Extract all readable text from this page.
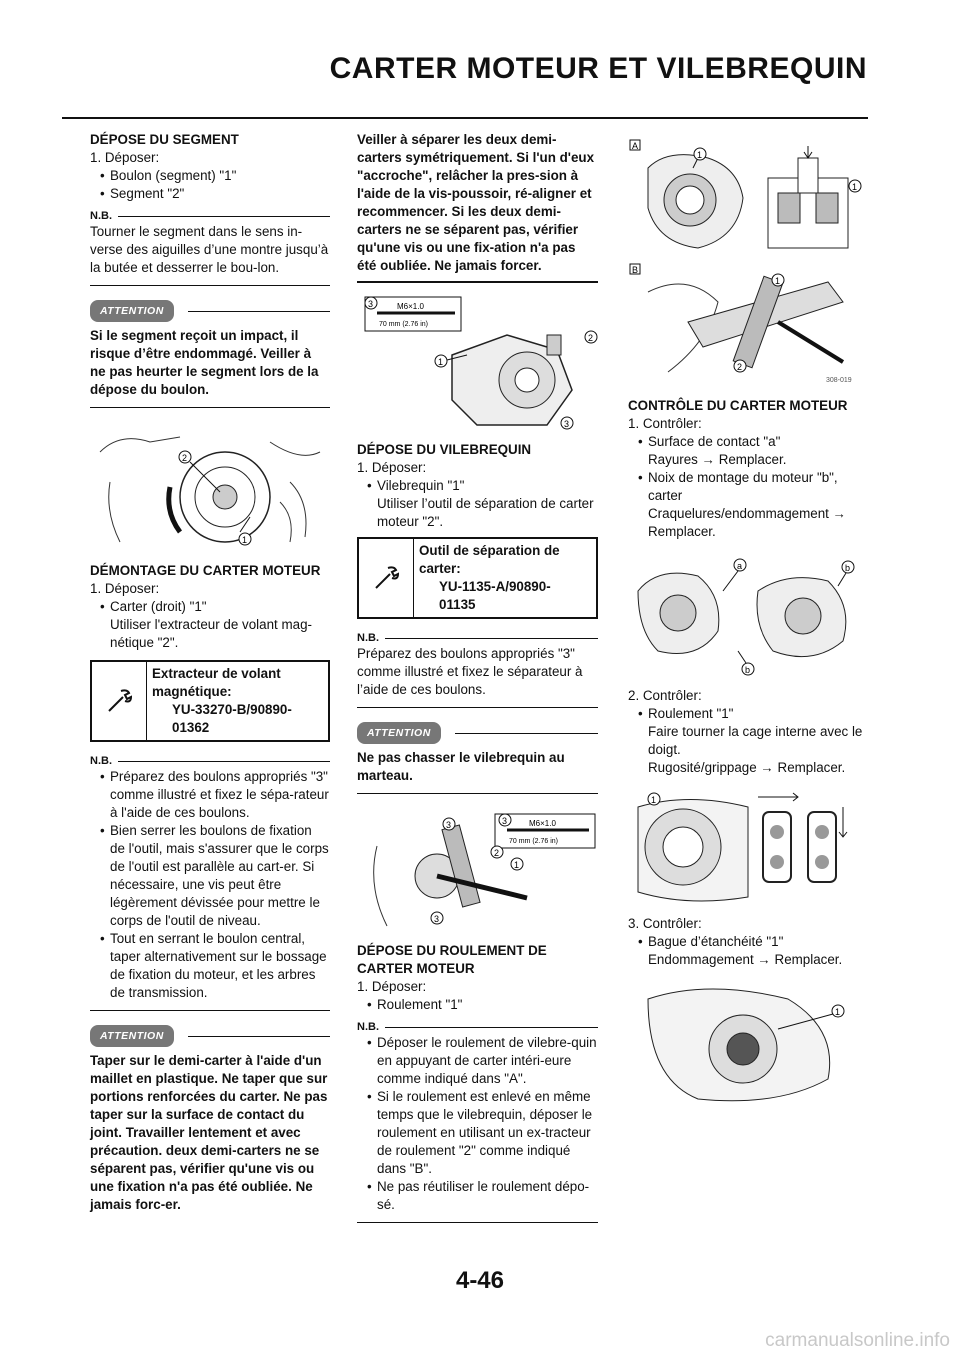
CARTER MOTEUR ET VILEBREQUIN
DÉPOSE DU SEGMENT

1. Déposer:

• Boulon (segment) "1"

• Segment "2"

N.B.

Tourner le segment dans le sens in-verse des aiguilles d’une montre jusqu’à la butée et desserrer le bou-lon.

ATTENTION

Si le segment reçoit un impact, il risque d’être endommagé. Veiller à ne pas heurter le segment lors de la dépose du boulon.

2
1
DÉMONTAGE DU CARTER MOTEUR

1. Déposer:

• Carter (droit) "1"

Utiliser l'extracteur de volant mag-nétique "2".

Extracteur de volant
magnétique:
YU-33270-B/90890-
01362
N.B.

• Préparez des boulons appropriés "3" comme illustré et fixez le sépa-rateur à l'aide de ces boulons.

• Bien serrer les boulons de fixation de l'outil, mais s'assurer que le corps de l'outil est parallèle au cart-er. Si nécessaire, une vis peut être légèrement dévissée pour mettre le corps de l'outil de niveau.

• Tout en serrant le boulon central, taper alternativement sur le bossage de fixation du moteur, et les arbres de transmission.

ATTENTION

Taper sur le demi-carter à l'aide d'un maillet en plastique. Ne taper que sur portions renforcées du carter. Ne pas taper sur la surface de contact du joint. Travailler lentement et avec précaution. deux demi-carters ne se séparent pas, vérifier qu'une vis ou une fixation n'a pas été oubliée. Ne jamais forc-er.

Veiller à séparer les deux demi-carters symétriquement. Si l'un d'eux "accroche", relâcher la pres-sion à l'aide de la vis-poussoir, ré-aligner et recommencer. Si les deux demi-carters ne se séparent pas, vérifier qu'une vis ou une fix-ation n'a pas été oubliée. Ne jamais forcer.

M6×1.0
70 mm (2.76 in)
3
1
2
3
DÉPOSE DU VILEBREQUIN

1. Déposer:

• Vilebrequin "1"

Utiliser l’outil de séparation de carter moteur "2".

Outil de séparation de
carter:
YU-1135-A/90890-
01135
N.B.

Préparez des boulons appropriés "3" comme illustré et fixez le séparateur à l’aide de ces boulons.

ATTENTION

Ne pas chasser le vilebrequin au marteau.

M6×1.0
70 mm (2.76 in)
3
3
2
1
3
DÉPOSE DU ROULEMENT DE CARTER MOTEUR

1. Déposer:

• Roulement "1"

N.B.

• Déposer le roulement de vilebre-quin en appuyant de carter intéri-eure comme indiqué dans "A".

• Si le roulement est enlevé en même temps que le vilebrequin, déposer le roulement en utilisant un ex-tracteur de roulement "2" comme indiqué dans "B".

• Ne pas réutiliser le roulement dépo-sé.

A
1
1
B
1
2
308-019
CONTRÔLE DU CARTER MOTEUR

1. Contrôler:

• Surface de contact "a"

Rayures → Remplacer.

• Noix de montage du moteur "b", carter

Craquelures/endommagement → Remplacer.

a	b
b

2. Contrôler:

• Roulement "1"

Faire tourner la cage interne avec le doigt.

Rugosité/grippage → Remplacer.

1

3. Contrôler:

• Bague d’étanchéité "1"

Endommagement → Remplacer.

1
4-46
carmanualsonline.info
